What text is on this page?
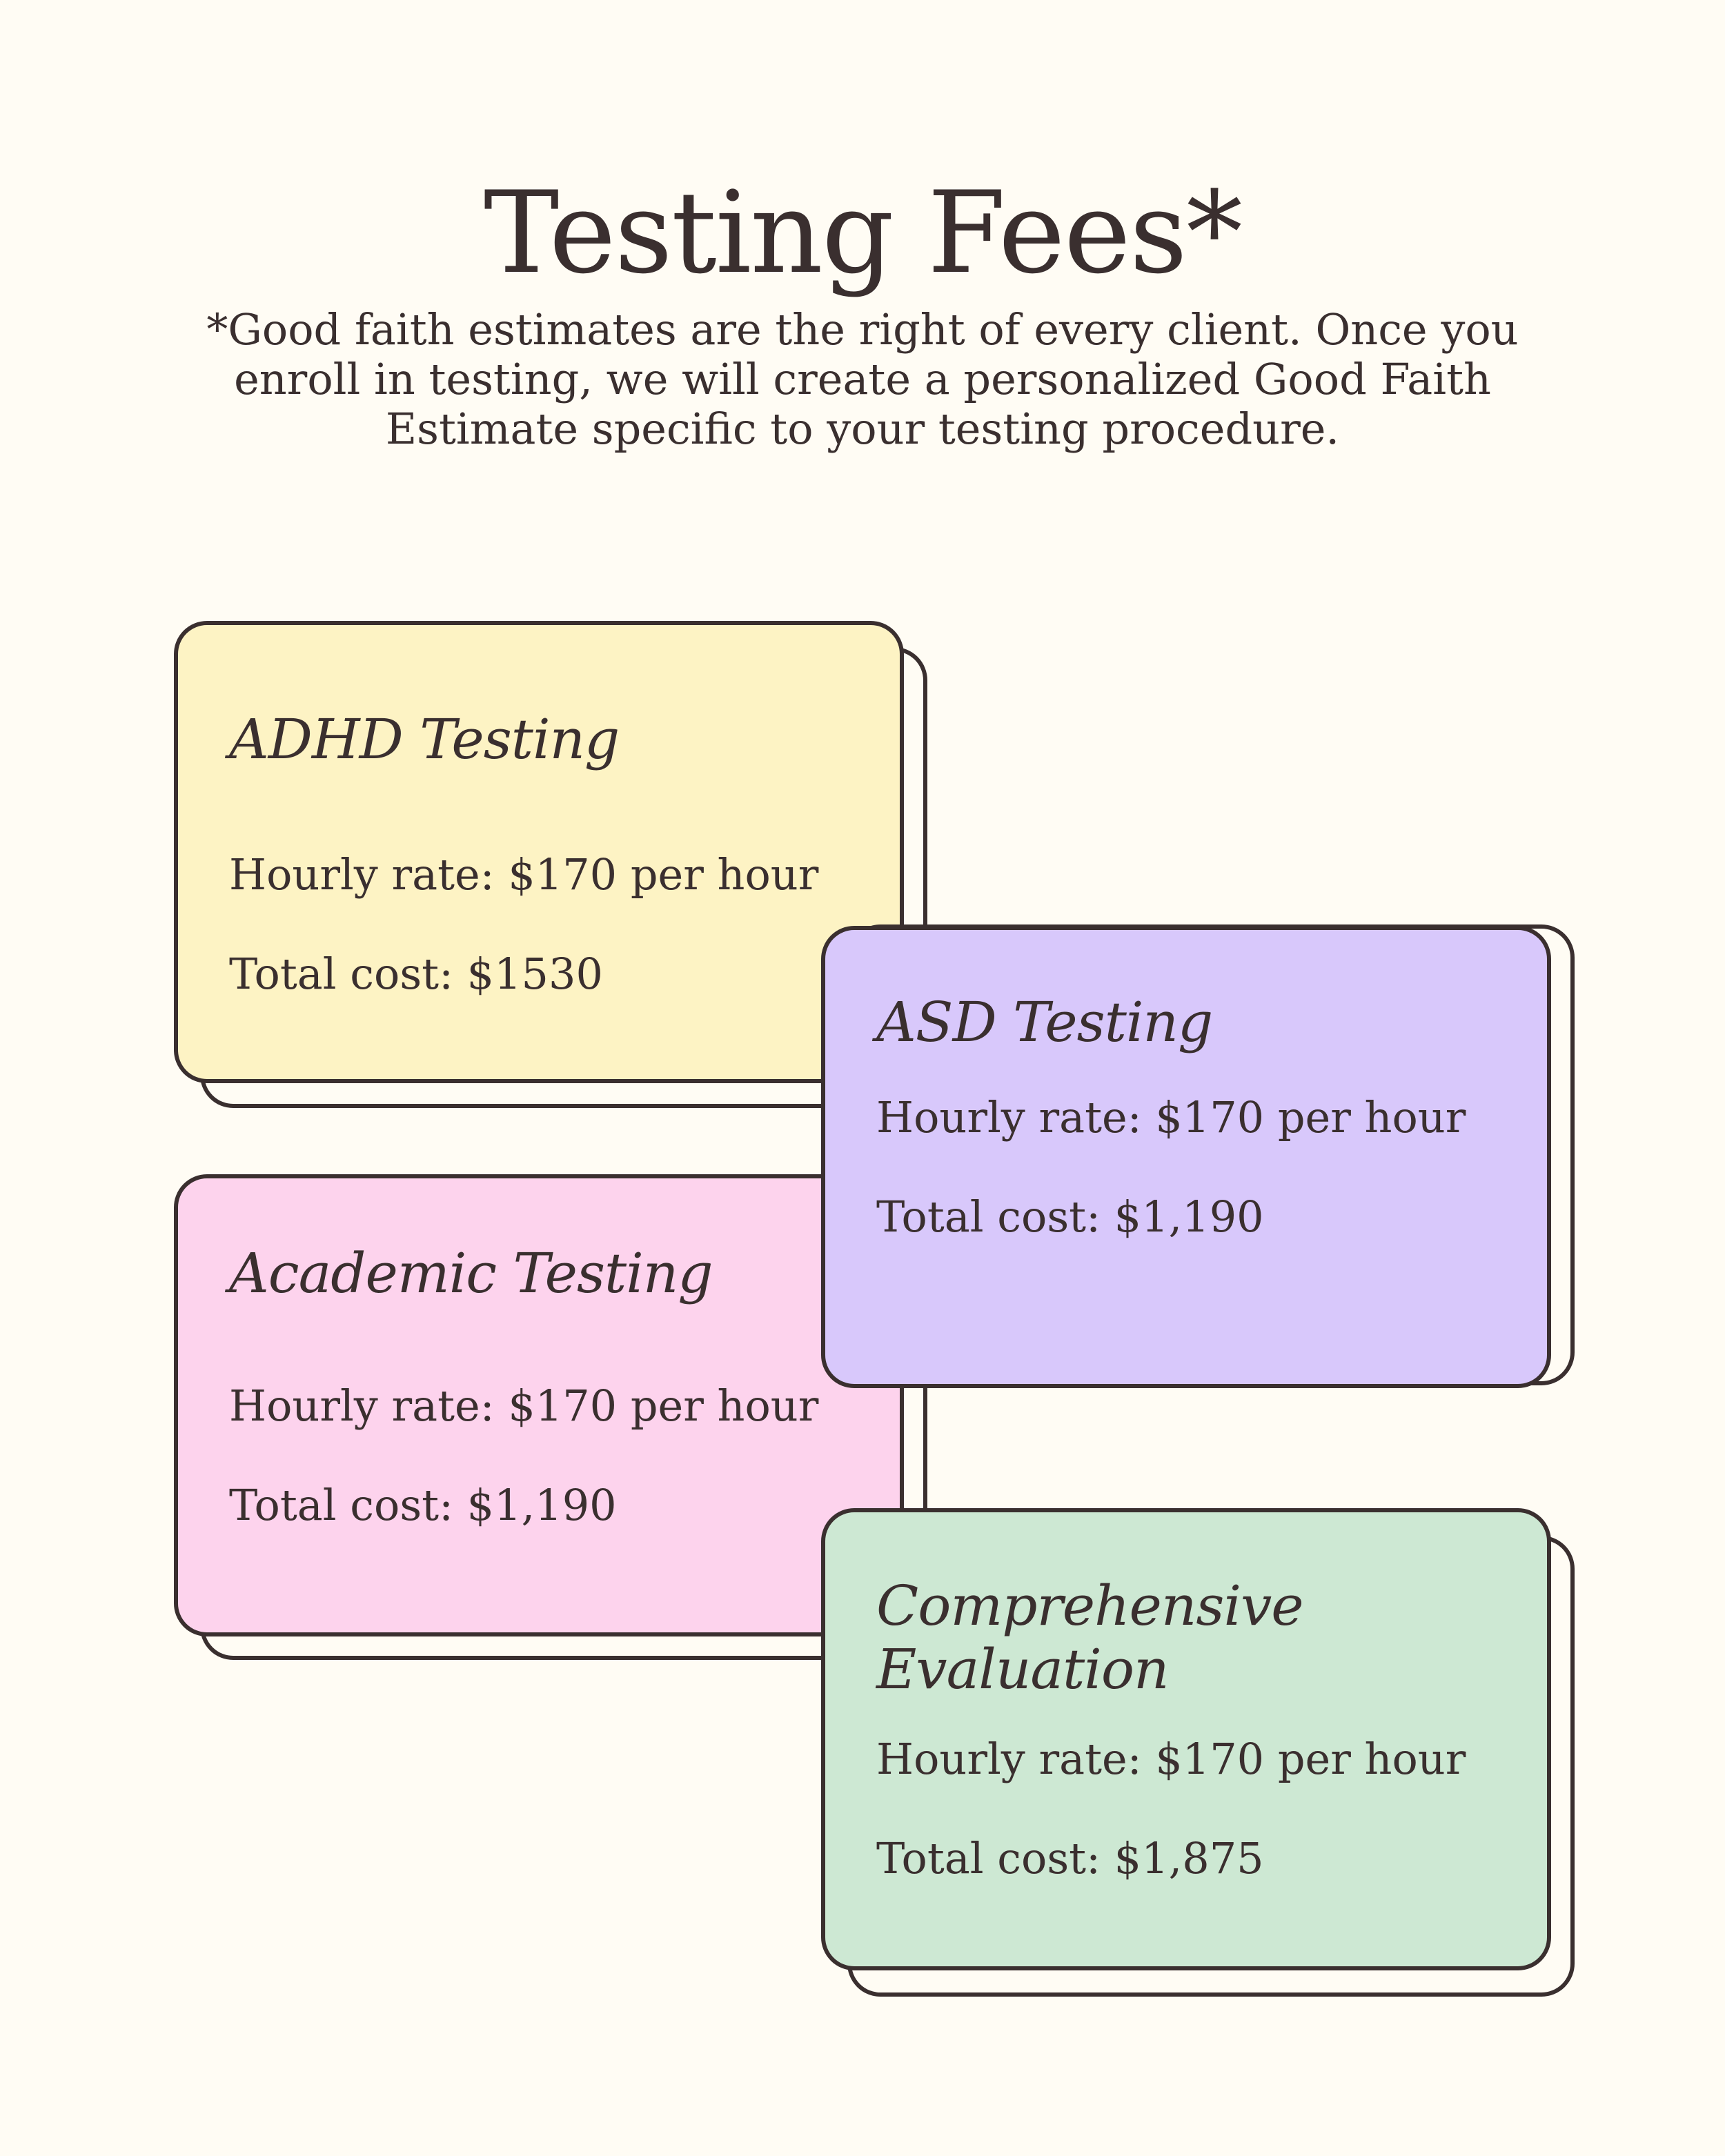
Testing Fees*

*Good faith estimates are the right of every client. Once you enroll in testing, we will create a personalized Good Faith Estimate specific to your testing procedure.

ADHD Testing

Hourly rate: $170 per hour

Total cost: $1530

Academic Testing

Hourly rate: $170 per hour

Total cost: $1,190

ASD Testing

Hourly rate: $170 per hour

Total cost: $1,190

Comprehensive
Evaluation

Hourly rate: $170 per hour

Total cost: $1,875
